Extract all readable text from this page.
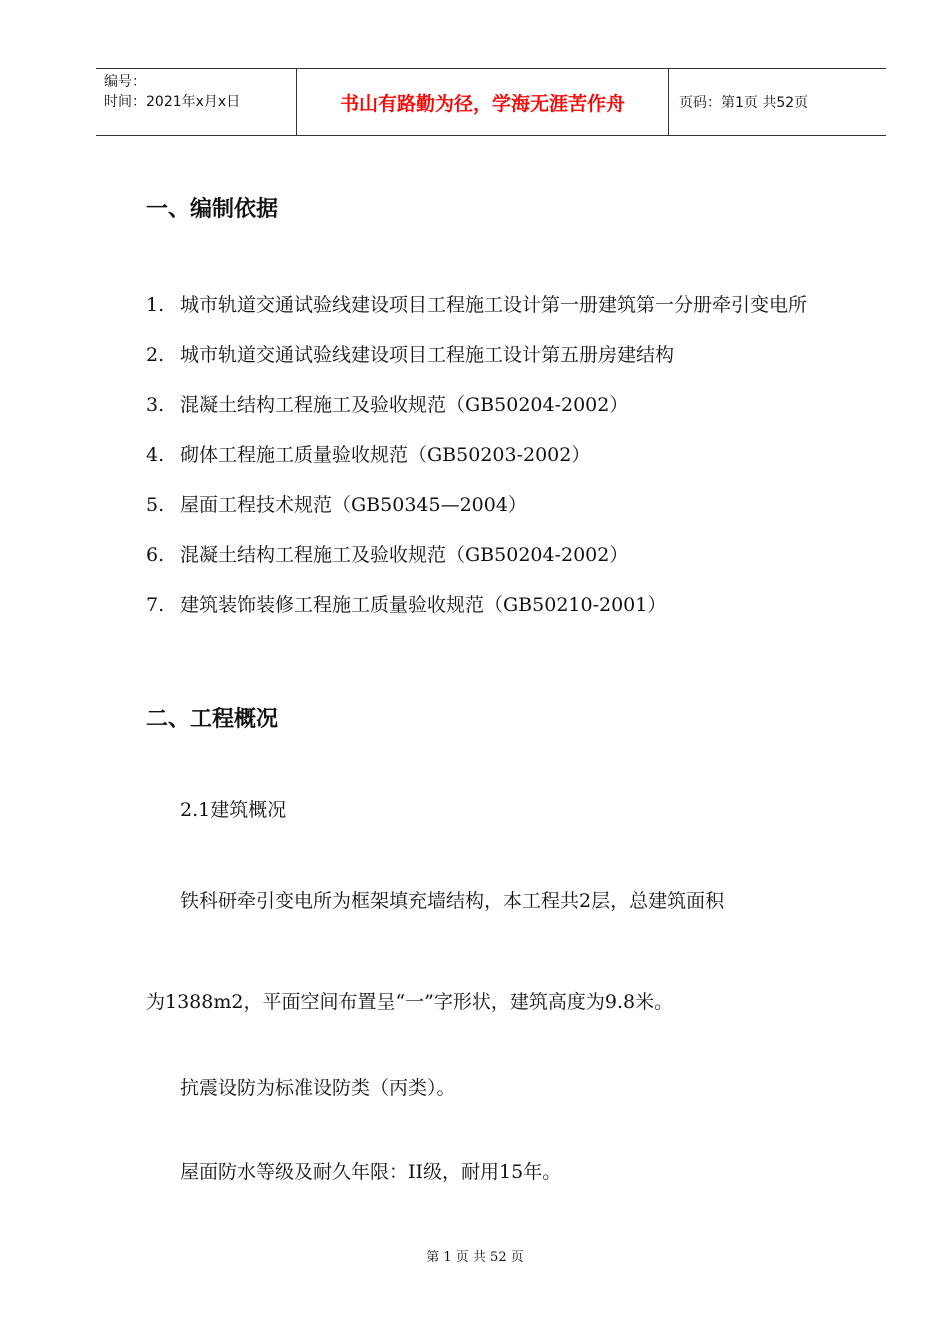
编号：
时间：2021年x月x日	书山有路勤为径，学海无涯苦作舟	页码：第1页 共52页
一、编制依据
1. 城市轨道交通试验线建设项目工程施工设计第一册建筑第一分册牵引变电所
2. 城市轨道交通试验线建设项目工程施工设计第五册房建结构
3. 混凝土结构工程施工及验收规范（GB50204-2002）
4. 砌体工程施工质量验收规范（GB50203-2002）
5. 屋面工程技术规范（GB50345—2004）
6. 混凝土结构工程施工及验收规范（GB50204-2002）
7. 建筑装饰装修工程施工质量验收规范（GB50210-2001）
二、工程概况

2.1建筑概况

铁科研牵引变电所为框架填充墙结构，本工程共2层，总建筑面积

为1388m2，平面空间布置呈“一”字形状，建筑高度为9.8米。

抗震设防为标准设防类（丙类）。

屋面防水等级及耐久年限：II级，耐用15年。

第 1 页 共 52 页
